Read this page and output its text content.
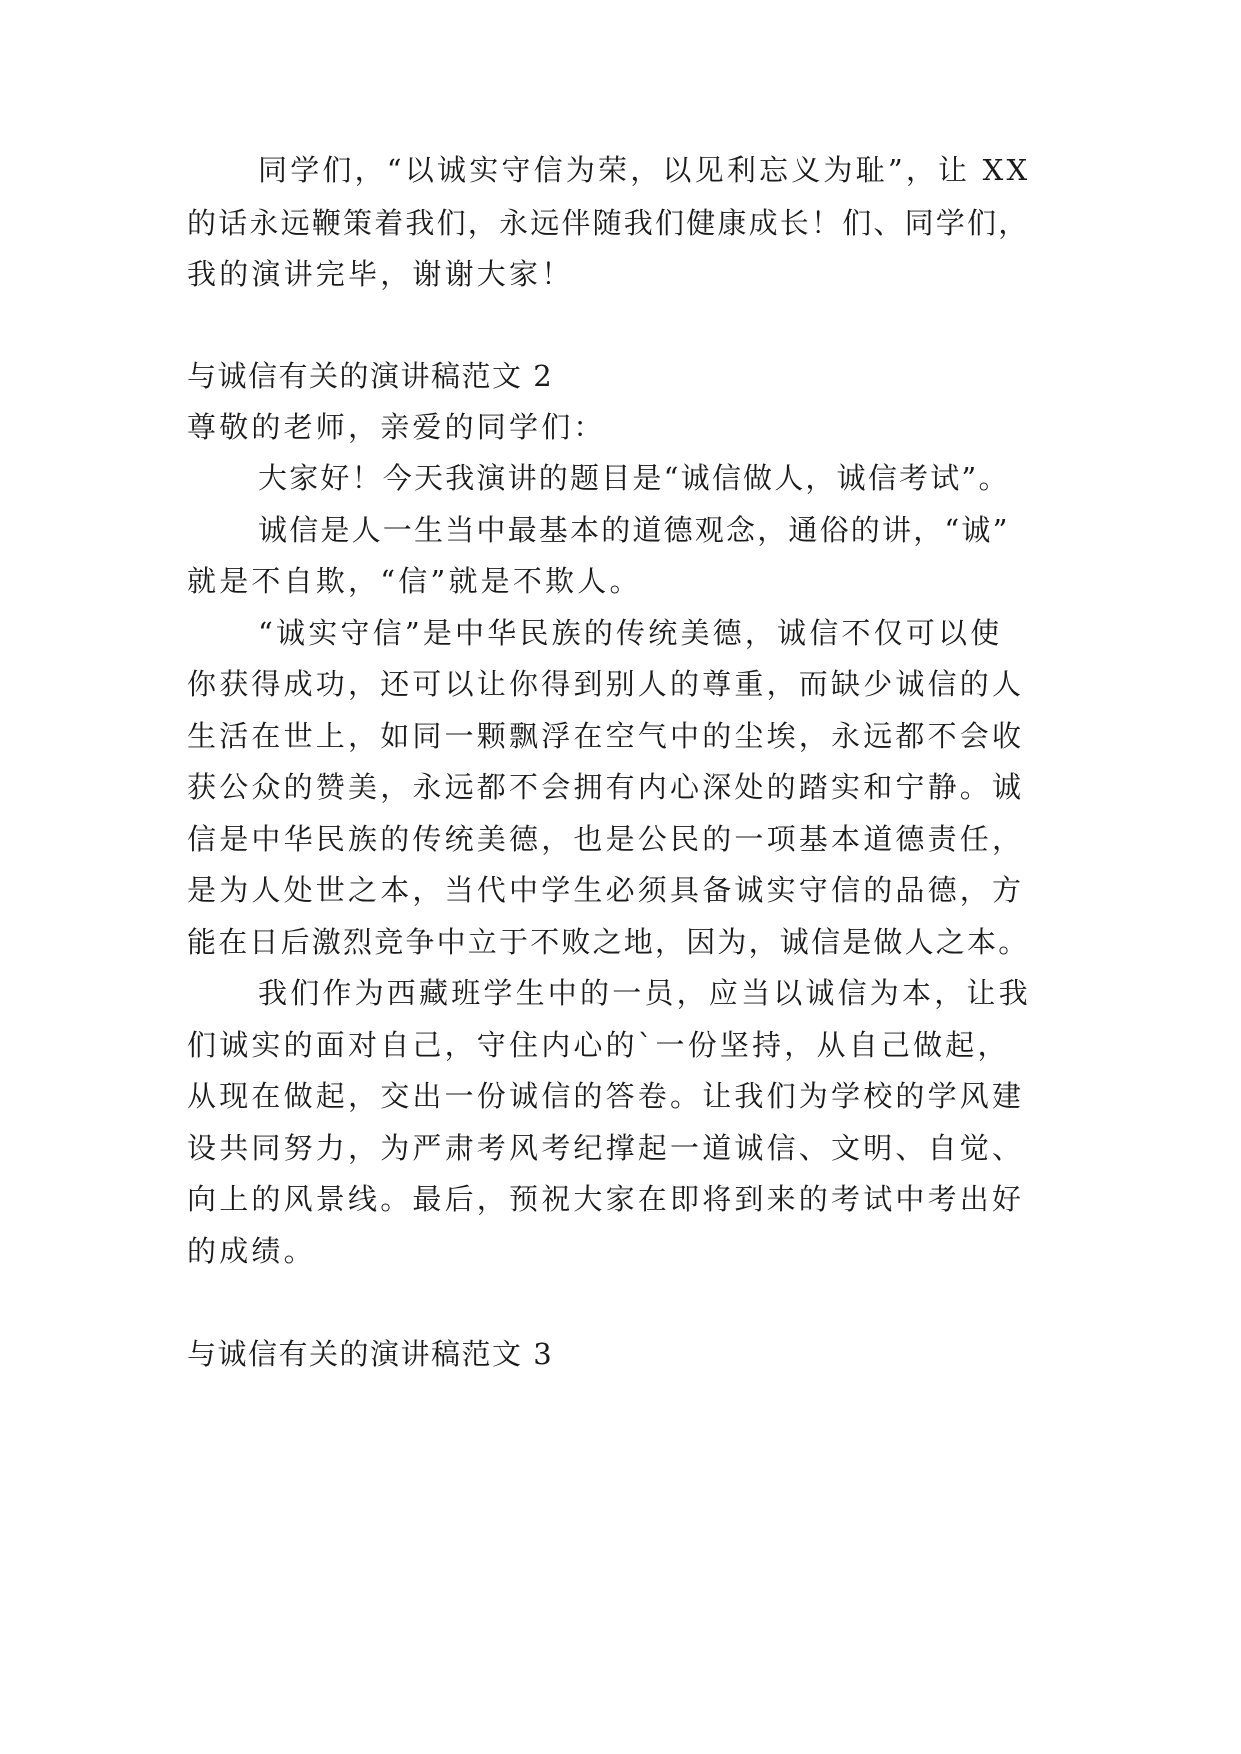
同学们，“以诚实守信为荣，以见利忘义为耻”，让 XX
的话永远鞭策着我们，永远伴随我们健康成长！们、同学们，
我的演讲完毕，谢谢大家！
与诚信有关的演讲稿范文 2
尊敬的老师，亲爱的同学们：
大家好！今天我演讲的题目是“诚信做人，诚信考试”。
诚信是人一生当中最基本的道德观念，通俗的讲，“诚”
就是不自欺，“信”就是不欺人。
“诚实守信”是中华民族的传统美德，诚信不仅可以使
你获得成功，还可以让你得到别人的尊重，而缺少诚信的人
生活在世上，如同一颗飘浮在空气中的尘埃，永远都不会收
获公众的赞美，永远都不会拥有内心深处的踏实和宁静。诚
信是中华民族的传统美德，也是公民的一项基本道德责任，
是为人处世之本，当代中学生必须具备诚实守信的品德，方
能在日后激烈竞争中立于不败之地，因为，诚信是做人之本。
我们作为西藏班学生中的一员，应当以诚信为本，让我
们诚实的面对自己，守住内心的`一份坚持，从自己做起，
从现在做起，交出一份诚信的答卷。让我们为学校的学风建
设共同努力，为严肃考风考纪撑起一道诚信、文明、自觉、
向上的风景线。最后，预祝大家在即将到来的考试中考出好
的成绩。
与诚信有关的演讲稿范文 3
